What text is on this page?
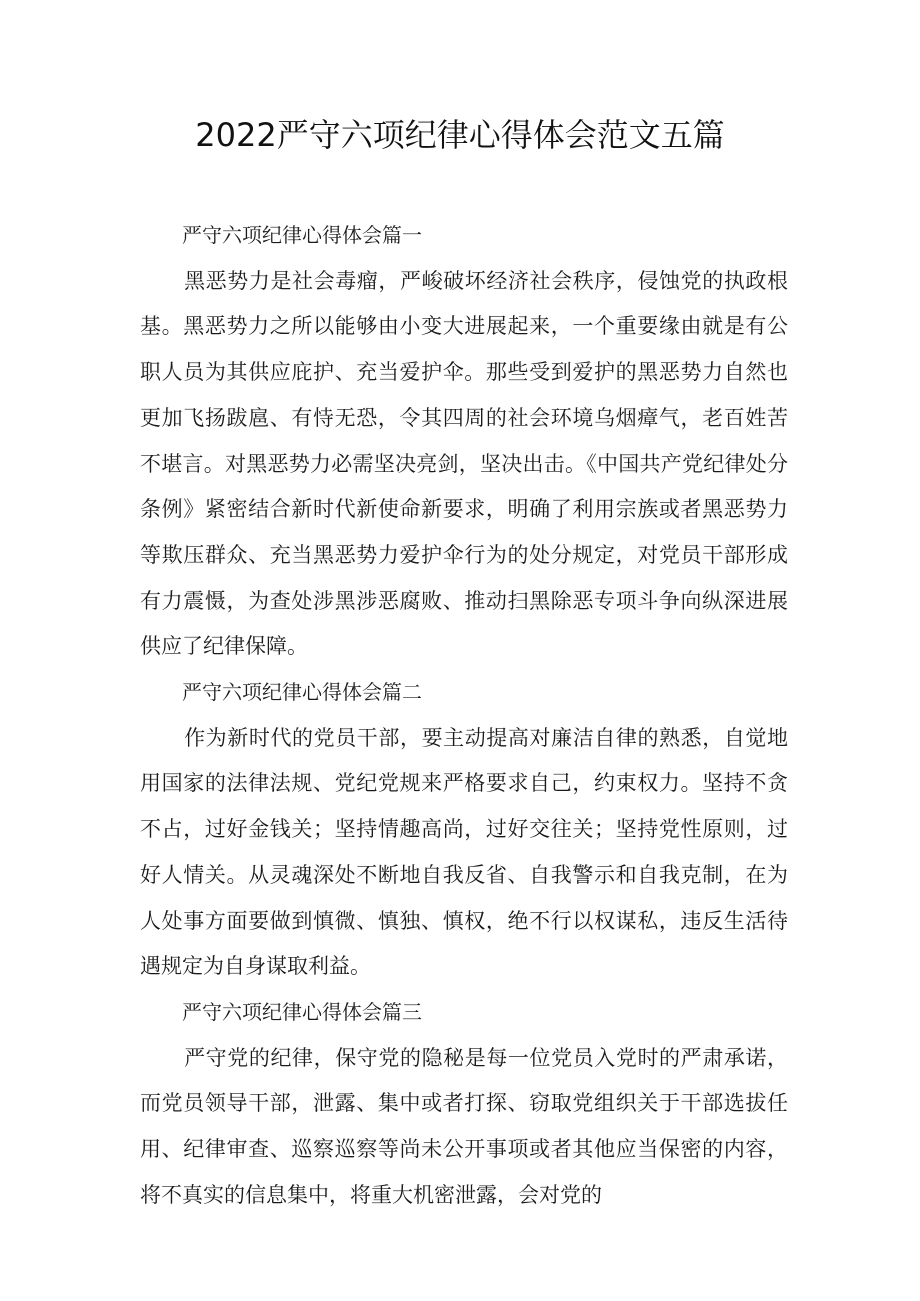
2022严守六项纪律心得体会范文五篇

严守六项纪律心得体会篇一

黑恶势力是社会毒瘤，严峻破坏经济社会秩序，侵蚀党的执政根基。黑恶势力之所以能够由小变大进展起来，一个重要缘由就是有公职人员为其供应庇护、充当爱护伞。那些受到爱护的黑恶势力自然也更加飞扬跋扈、有恃无恐，令其四周的社会环境乌烟瘴气，老百姓苦不堪言。对黑恶势力必需坚决亮剑，坚决出击。《中国共产党纪律处分条例》紧密结合新时代新使命新要求，明确了利用宗族或者黑恶势力等欺压群众、充当黑恶势力爱护伞行为的处分规定，对党员干部形成有力震慑，为查处涉黑涉恶腐败、推动扫黑除恶专项斗争向纵深进展供应了纪律保障。

严守六项纪律心得体会篇二

作为新时代的党员干部，要主动提高对廉洁自律的熟悉，自觉地用国家的法律法规、党纪党规来严格要求自己，约束权力。坚持不贪不占，过好金钱关；坚持情趣高尚，过好交往关；坚持党性原则，过好人情关。从灵魂深处不断地自我反省、自我警示和自我克制，在为人处事方面要做到慎微、慎独、慎权，绝不行以权谋私，违反生活待遇规定为自身谋取利益。

严守六项纪律心得体会篇三

严守党的纪律，保守党的隐秘是每一位党员入党时的严肃承诺，而党员领导干部，泄露、集中或者打探、窃取党组织关于干部选拔任用、纪律审查、巡察巡察等尚未公开事项或者其他应当保密的内容，将不真实的信息集中，将重大机密泄露，会对党的
